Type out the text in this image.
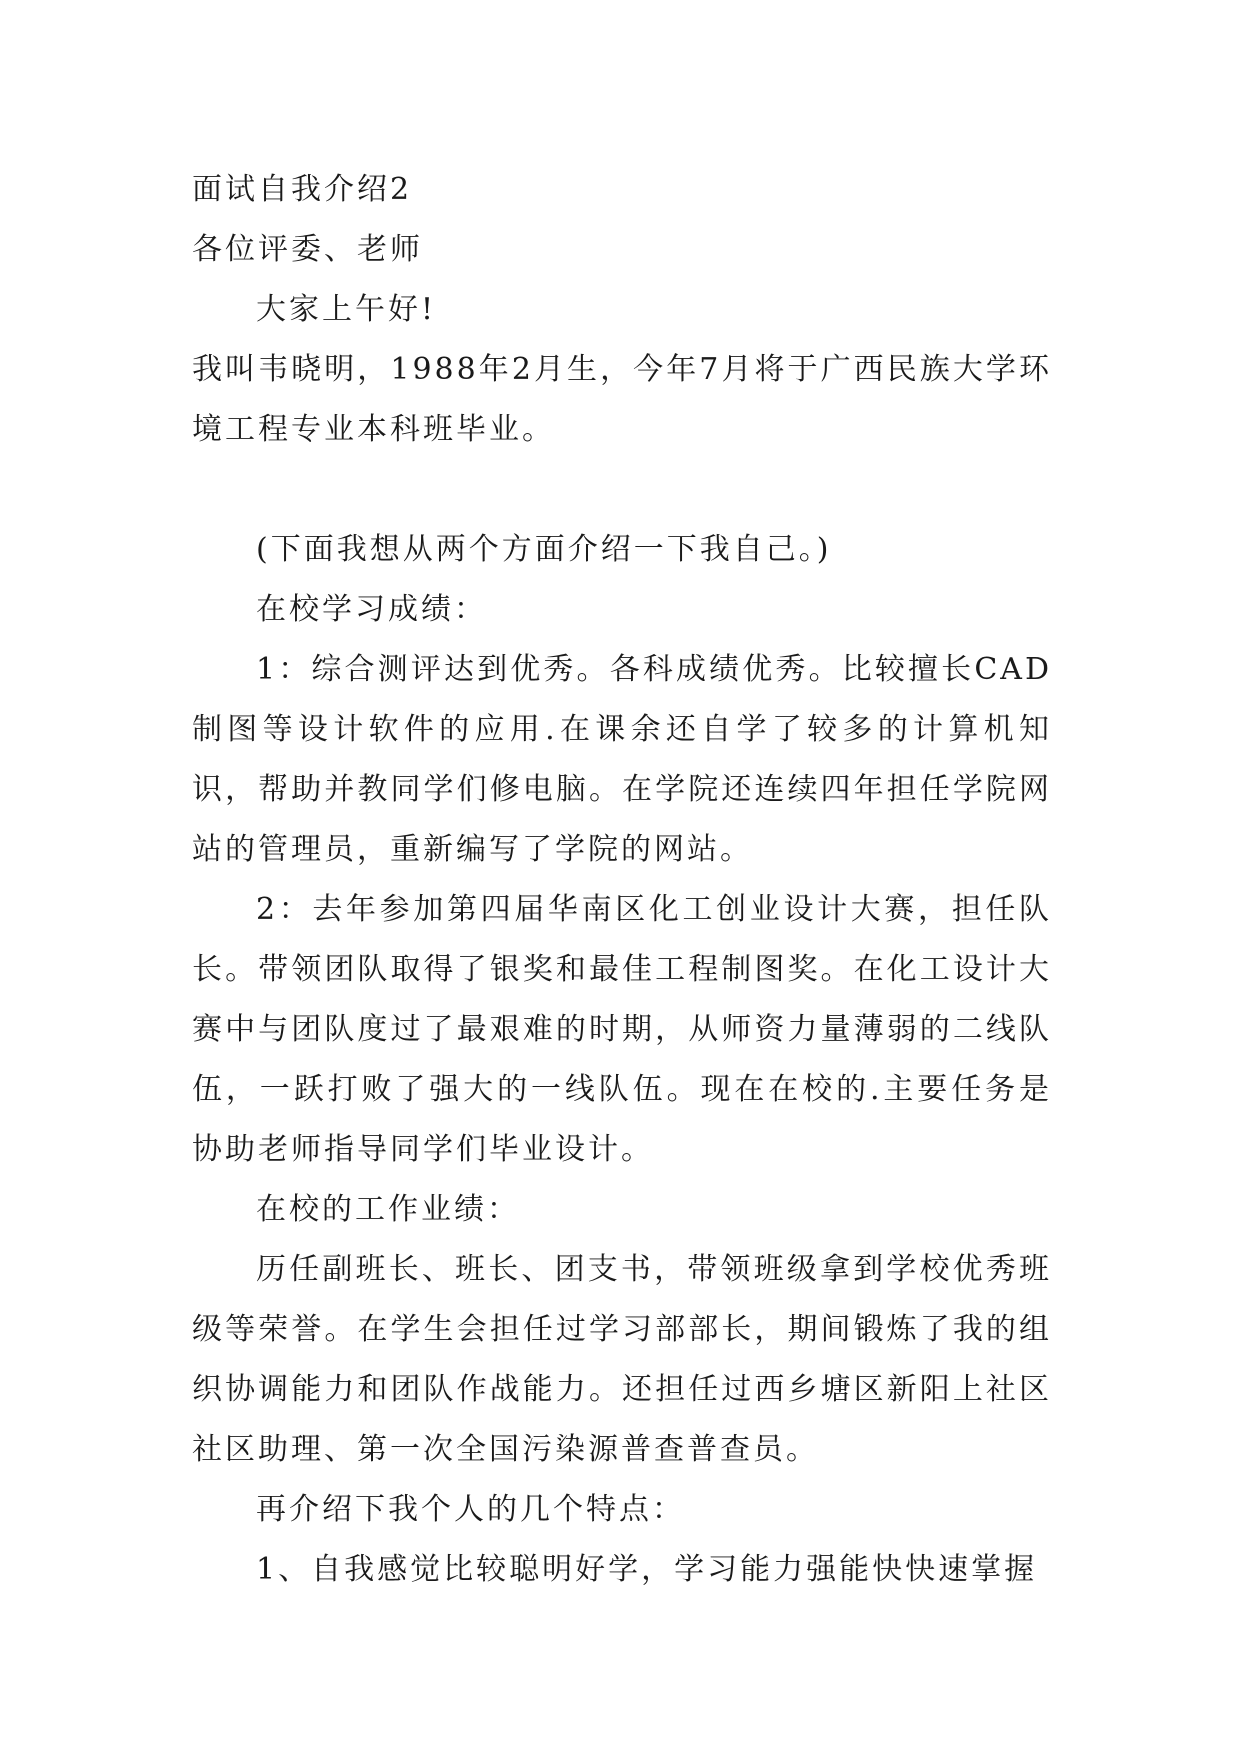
面试自我介绍2

各位评委、老师

大家上午好!

我叫韦晓明，1988年2月生，今年7月将于广西民族大学环境工程专业本科班毕业。

(下面我想从两个方面介绍一下我自己。)

在校学习成绩：

1：综合测评达到优秀。各科成绩优秀。比较擅长CAD制图等设计软件的应用.在课余还自学了较多的计算机知识，帮助并教同学们修电脑。在学院还连续四年担任学院网站的管理员，重新编写了学院的网站。

2：去年参加第四届华南区化工创业设计大赛，担任队长。带领团队取得了银奖和最佳工程制图奖。在化工设计大赛中与团队度过了最艰难的时期，从师资力量薄弱的二线队伍，一跃打败了强大的一线队伍。现在在校的.主要任务是协助老师指导同学们毕业设计。

在校的工作业绩：

历任副班长、班长、团支书，带领班级拿到学校优秀班级等荣誉。在学生会担任过学习部部长，期间锻炼了我的组织协调能力和团队作战能力。还担任过西乡塘区新阳上社区社区助理、第一次全国污染源普查普查员。

再介绍下我个人的几个特点：

1、自我感觉比较聪明好学，学习能力强能快快速掌握
